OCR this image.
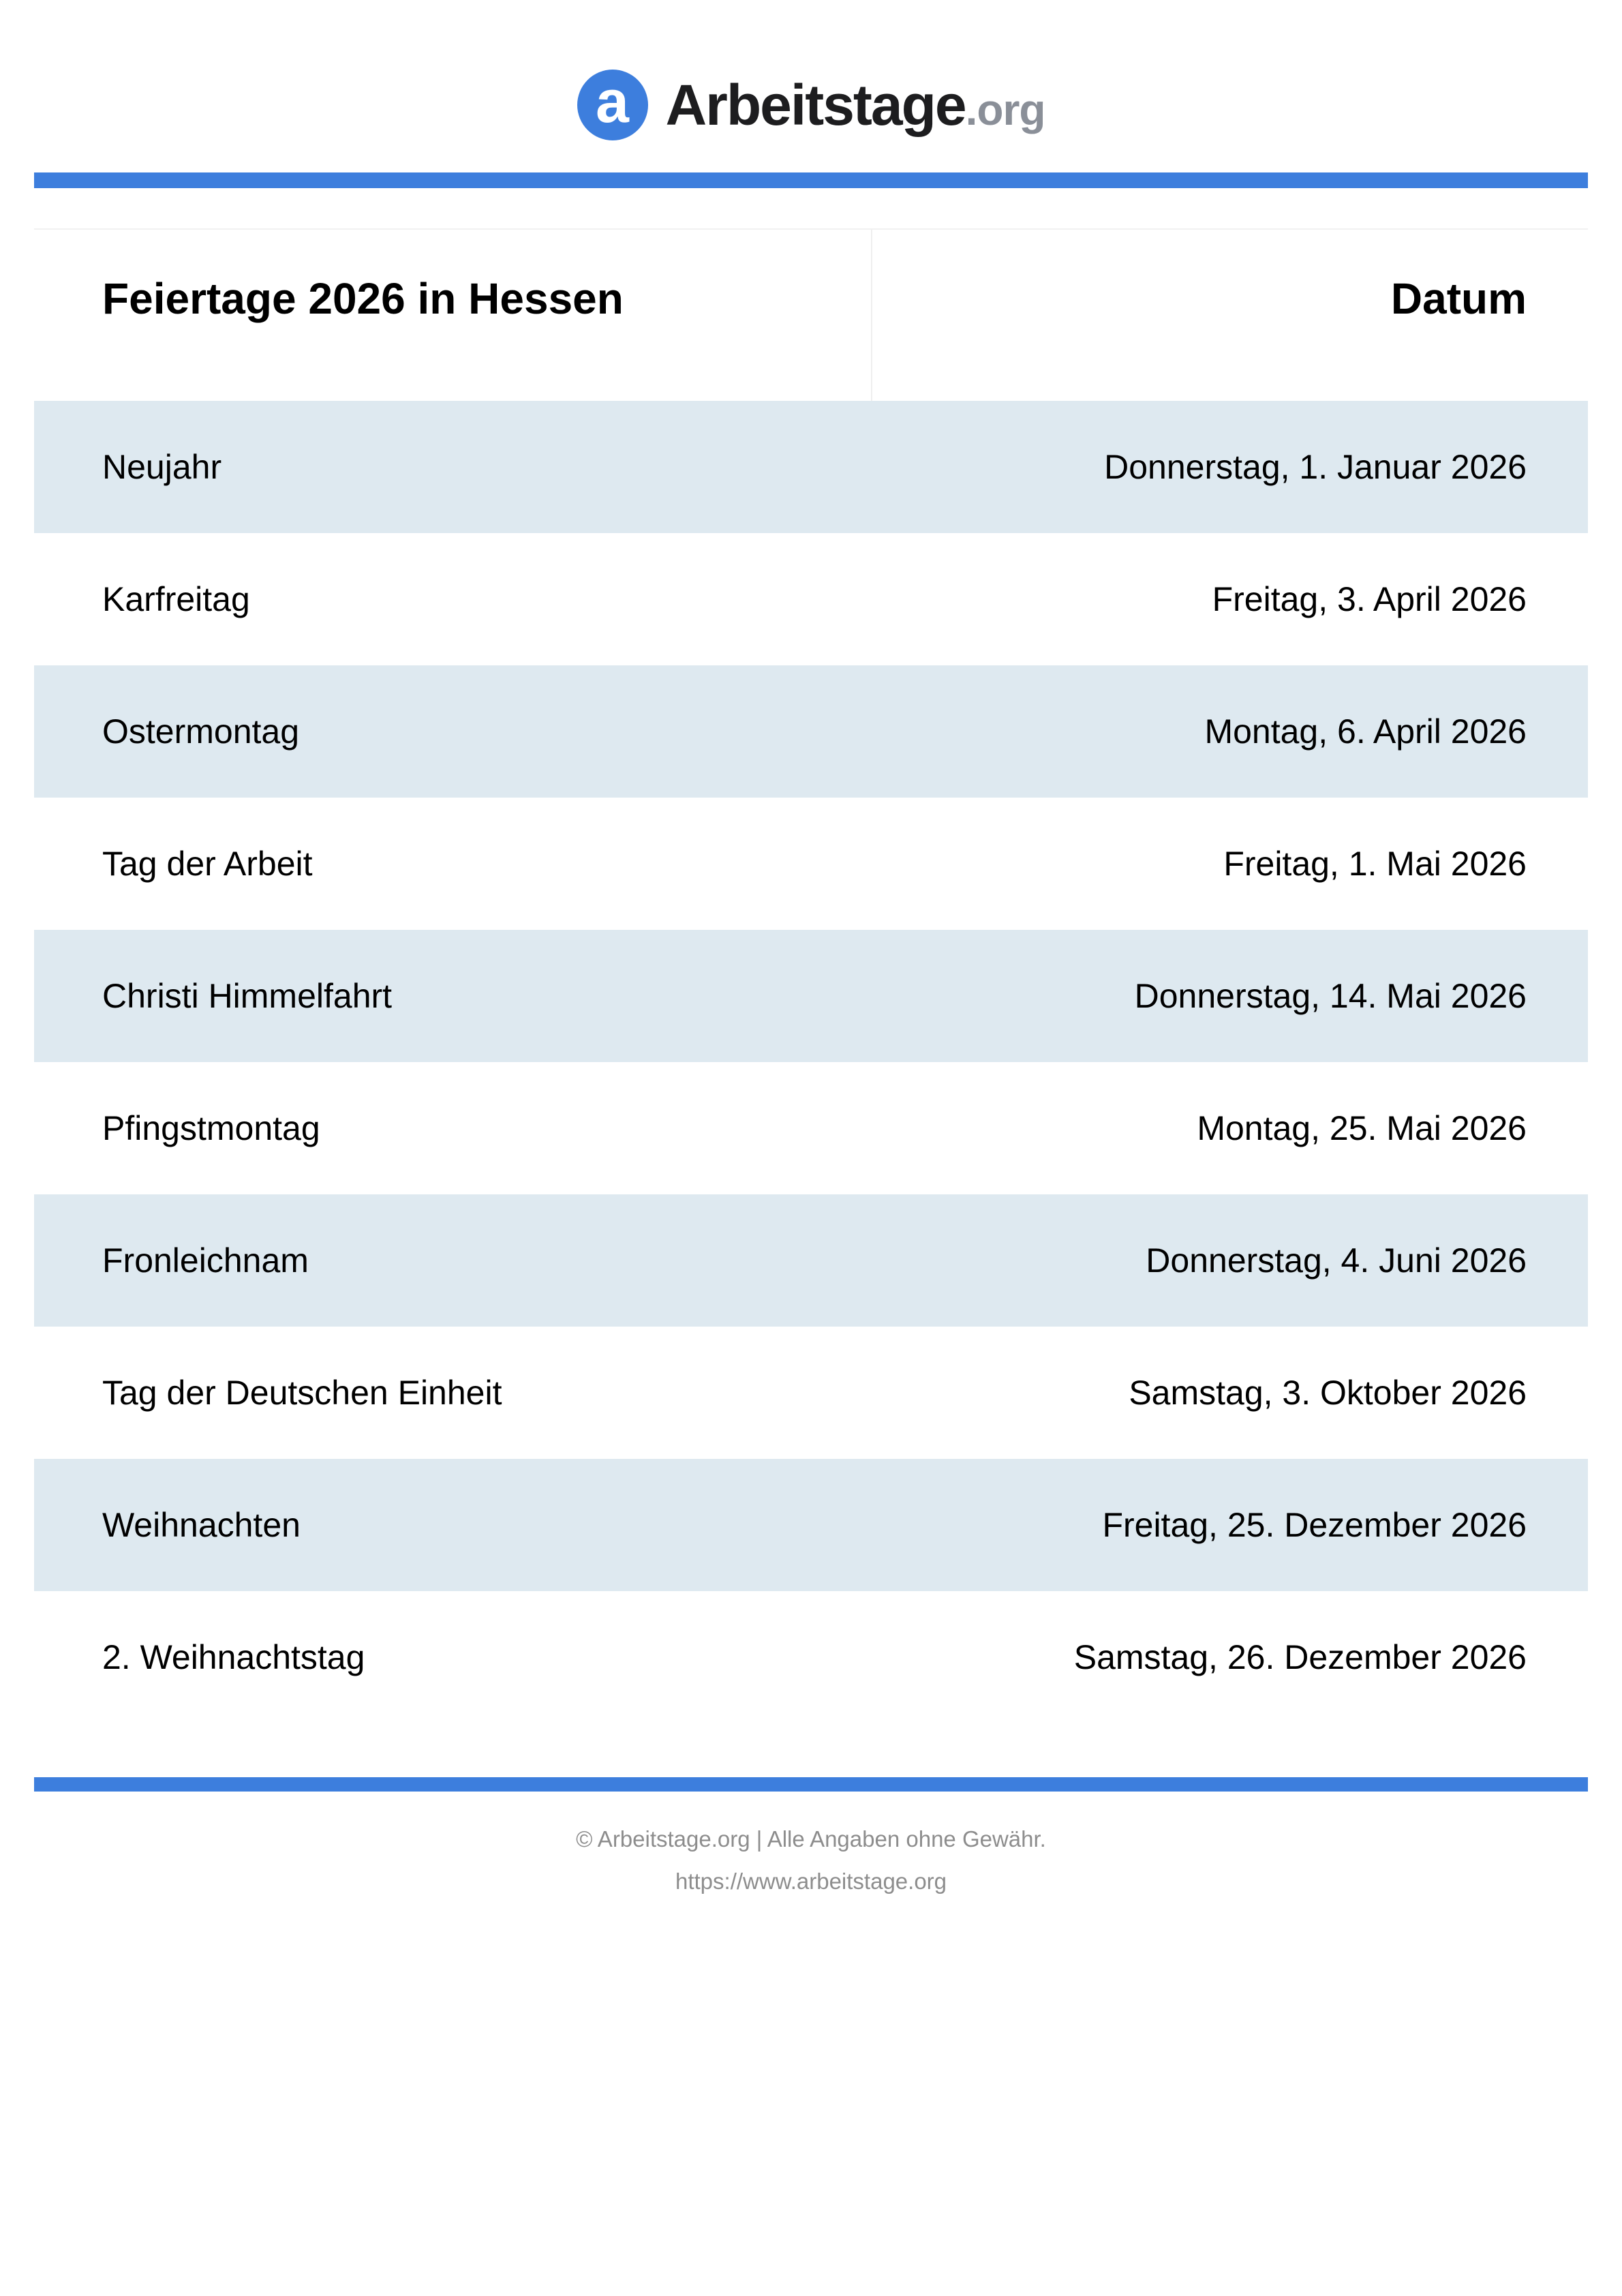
a Arbeitstage .org
Feiertage 2026 in Hessen	Datum
Neujahr	Donnerstag, 1. Januar 2026
Karfreitag	Freitag, 3. April 2026
Ostermontag	Montag, 6. April 2026
Tag der Arbeit	Freitag, 1. Mai 2026
Christi Himmelfahrt	Donnerstag, 14. Mai 2026
Pfingstmontag	Montag, 25. Mai 2026
Fronleichnam	Donnerstag, 4. Juni 2026
Tag der Deutschen Einheit	Samstag, 3. Oktober 2026
Weihnachten	Freitag, 25. Dezember 2026
2. Weihnachtstag	Samstag, 26. Dezember 2026
© Arbeitstage.org | Alle Angaben ohne Gewähr.
https://www.arbeitstage.org
